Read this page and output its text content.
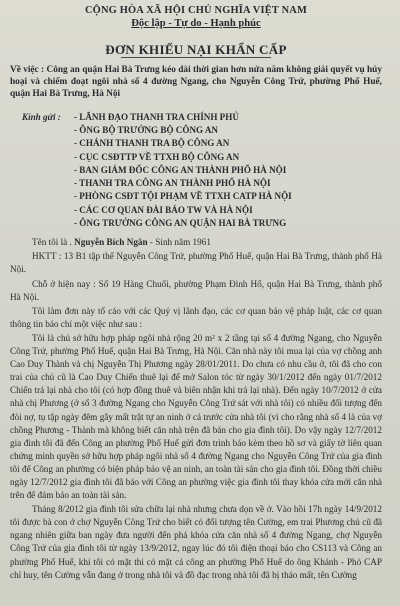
CỘNG HÒA XÃ HỘI CHỦ NGHĨA VIỆT NAM
Độc lập - Tự do - Hạnh phúc
ĐƠN KHIẾU NẠI KHẨN CẤP
Về việc : Công an quận Hai Bà Trưng kéo dài thời gian hơn nửa năm không giải quyết vụ hủy hoại và chiếm đoạt ngôi nhà số 4 đường Ngang, cho Nguyễn Công Trứ, phường Phố Huế, quận Hai Bà Trưng, Hà Nội
Kính gửi :	- LÃNH ĐẠO THANH TRA CHÍNH PHỦ
- ÔNG BỘ TRƯỞNG BỘ CÔNG AN
- CHÁNH THANH TRA BỘ CÔNG AN
- CỤC CSĐTTP VỀ TTXH BỘ CÔNG AN
- BAN GIÁM ĐỐC CÔNG AN THÀNH PHỐ HÀ NỘI
- THANH TRA CÔNG AN THÀNH PHỐ HÀ NỘI
- PHÒNG CSĐT TỘI PHẠM VỀ TTXH CATP HÀ NỘI
- CÁC CƠ QUAN ĐÀI BÁO TW VÀ HÀ NỘI
- ÔNG TRƯỞNG CÔNG AN QUẬN HAI BÀ TRƯNG

Tên tôi là . Nguyễn Bích Ngân - Sinh năm 1961

HKTT : 13 B1 tập thể Nguyễn Công Trứ, phường Phố Huế, quận Hai Bà Trưng, thành phố Hà Nội.

Chỗ ở hiện nay : Số 19 Hàng Chuối, phường Phạm Đình Hổ, quận Hai Bà Trưng, thành phố Hà Nội.

Tôi làm đơn này tố cáo với các Quý vị lãnh đạo, các cơ quan bảo vệ pháp luật, các cơ quan thông tin báo chí một việc như sau :

Tôi là chủ sở hữu hợp pháp ngôi nhà rộng 20 m² x 2 tầng tại số 4 đường Ngang, cho Nguyễn Công Trứ, phường Phố Huế, quận Hai Bà Trưng, Hà Nội. Căn nhà này tôi mua lại của vợ chồng anh Cao Duy Thành và chị Nguyễn Thị Phương ngày 28/01/2011. Do chưa có nhu cầu ở, tôi đã cho con trai của chủ cũ là Cao Duy Chiến thuê lại để mở Salon tóc từ ngày 30/1/2012 đến ngày 01/7/2012 Chiến trả lại nhà cho tôi (có hợp đồng thuê và biên nhận khi trả lại nhà). Đến ngày 10/7/2012 ở cửa nhà chị Phương (ở số 3 đường Ngang cho Nguyễn Công Trứ sát với nhà tôi) có nhiều đối tượng đến đòi nợ, tụ tập ngày đêm gây mất trật tự an ninh ở cả trước cửa nhà tôi (vì cho rằng nhà số 4 là của vợ chồng Phương - Thành mà không biết căn nhà trên đã bán cho gia đình tôi). Do vậy ngày 12/7/2012 gia đình tôi đã đến Công an phường Phố Huế gửi đơn trình báo kèm theo hồ sơ và giấy tờ liên quan chứng minh quyền sở hữu hợp pháp ngôi nhà số 4 đường Ngang cho Nguyễn Công Trứ của gia đình tôi để Công an phường có biện pháp bảo vệ an ninh, an toàn tài sản cho gia đình tôi. Đồng thời chiều ngày 12/7/2012 gia đình tôi đã báo với Công an phường việc gia đình tôi thay khóa cửa mới căn nhà trên để đảm bảo an toàn tài sản.

Tháng 8/2012 gia đình tôi sửa chữa lại nhà nhưng chưa dọn về ở. Vào hồi 17h ngày 14/9/2012 tôi được bà con ở chợ Nguyễn Công Trứ cho biết có đối tượng tên Cường, em trai Phương chủ cũ đã ngang nhiên giữa ban ngày đưa người đến phá khóa cửa căn nhà số 4 đường Ngang, chợ Nguyễn Công Trứ của gia đình tôi từ ngày 13/9/2012, ngay lúc đó tôi điện thoại báo cho CS113 và Công an phường Phố Huế, khi tôi có mặt thì có mặt cả công an phường Phố Huế do ông Khánh - Phó CAP chỉ huy, tên Cường vẫn đang ở trong nhà tôi và đồ đạc trong nhà tôi đã bị tháo mất, tên Cường
